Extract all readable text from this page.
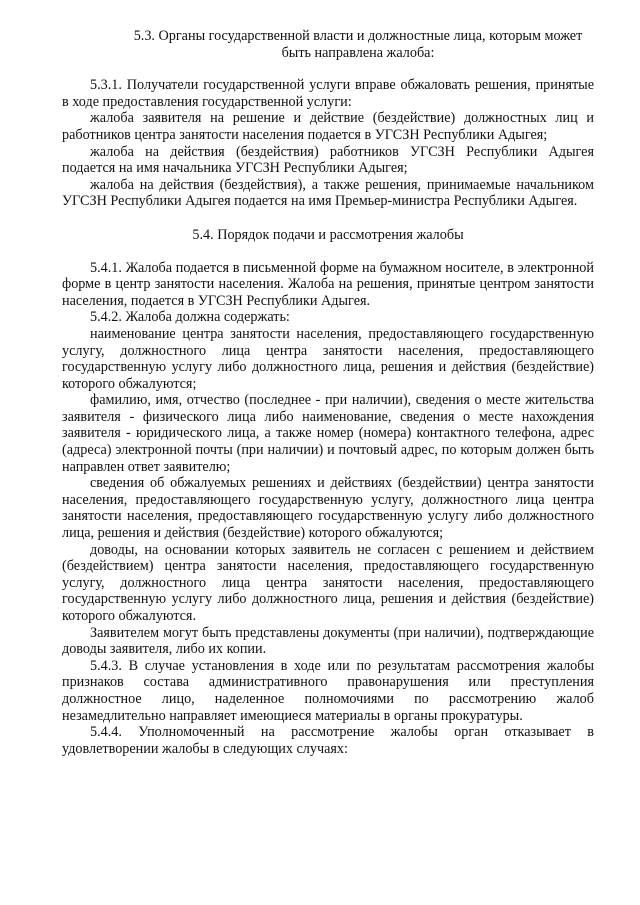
5.3. Органы государственной власти и должностные лица, которым может
быть направлена жалоба:

5.3.1. Получатели государственной услуги вправе обжаловать решения, принятые в ходе предоставления государственной услуги:

жалоба заявителя на решение и действие (бездействие) должностных лиц и работников центра занятости населения подается в УГСЗН Республики Адыгея;

жалоба на действия (бездействия) работников УГСЗН Республики Адыгея подается на имя начальника УГСЗН Республики Адыгея;

жалоба на действия (бездействия), а также решения, принимаемые начальником УГСЗН Республики Адыгея подается на имя Премьер-министра Республики Адыгея.

5.4. Порядок подачи и рассмотрения жалобы

5.4.1. Жалоба подается в письменной форме на бумажном носителе, в электронной форме в центр занятости населения. Жалоба на решения, принятые центром занятости населения, подается в УГСЗН Республики Адыгея.

5.4.2. Жалоба должна содержать:

наименование центра занятости населения, предоставляющего государственную услугу, должностного лица центра занятости населения, предоставляющего государственную услугу либо должностного лица, решения и действия (бездействие) которого обжалуются;

фамилию, имя, отчество (последнее - при наличии), сведения о месте жительства заявителя - физического лица либо наименование, сведения о месте нахождения заявителя - юридического лица, а также номер (номера) контактного телефона, адрес (адреса) электронной почты (при наличии) и почтовый адрес, по которым должен быть направлен ответ заявителю;

сведения об обжалуемых решениях и действиях (бездействии) центра занятости населения, предоставляющего государственную услугу, должностного лица центра занятости населения, предоставляющего государственную услугу либо должностного лица, решения и действия (бездействие) которого обжалуются;

доводы, на основании которых заявитель не согласен с решением и действием (бездействием) центра занятости населения, предоставляющего государственную услугу, должностного лица центра занятости населения, предоставляющего государственную услугу либо должностного лица, решения и действия (бездействие) которого обжалуются.

Заявителем могут быть представлены документы (при наличии), подтверждающие доводы заявителя, либо их копии.

5.4.3. В случае установления в ходе или по результатам рассмотрения жалобы признаков состава административного правонарушения или преступления должностное лицо, наделенное полномочиями по рассмотрению жалоб незамедлительно направляет имеющиеся материалы в органы прокуратуры.

5.4.4. Уполномоченный на рассмотрение жалобы орган отказывает в удовлетворении жалобы в следующих случаях:
